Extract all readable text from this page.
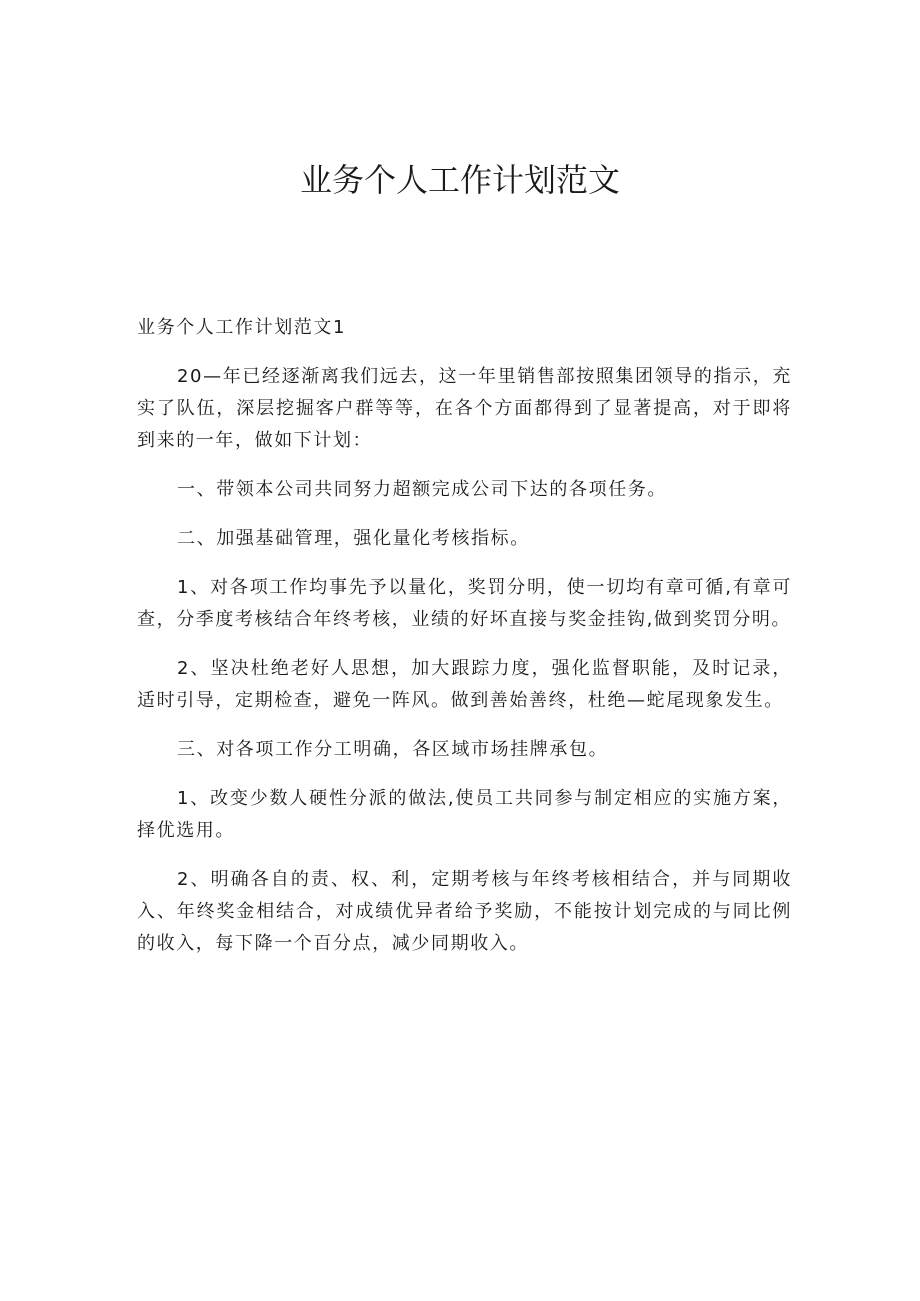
业务个人工作计划范文

业务个人工作计划范文1

20—年已经逐渐离我们远去，这一年里销售部按照集团领导的指示，充实了队伍，深层挖掘客户群等等，在各个方面都得到了显著提高，对于即将到来的一年，做如下计划：

一、带领本公司共同努力超额完成公司下达的各项任务。

二、加强基础管理，强化量化考核指标。

1、对各项工作均事先予以量化，奖罚分明，使一切均有章可循,有章可查，分季度考核结合年终考核，业绩的好坏直接与奖金挂钩,做到奖罚分明。

2、坚决杜绝老好人思想，加大跟踪力度，强化监督职能，及时记录，适时引导，定期检查，避免一阵风。做到善始善终，杜绝—蛇尾现象发生。

三、对各项工作分工明确，各区域市场挂牌承包。

1、改变少数人硬性分派的做法,使员工共同参与制定相应的实施方案，择优选用。

2、明确各自的责、权、利，定期考核与年终考核相结合，并与同期收入、年终奖金相结合，对成绩优异者给予奖励，不能按计划完成的与同比例的收入，每下降一个百分点，减少同期收入。
